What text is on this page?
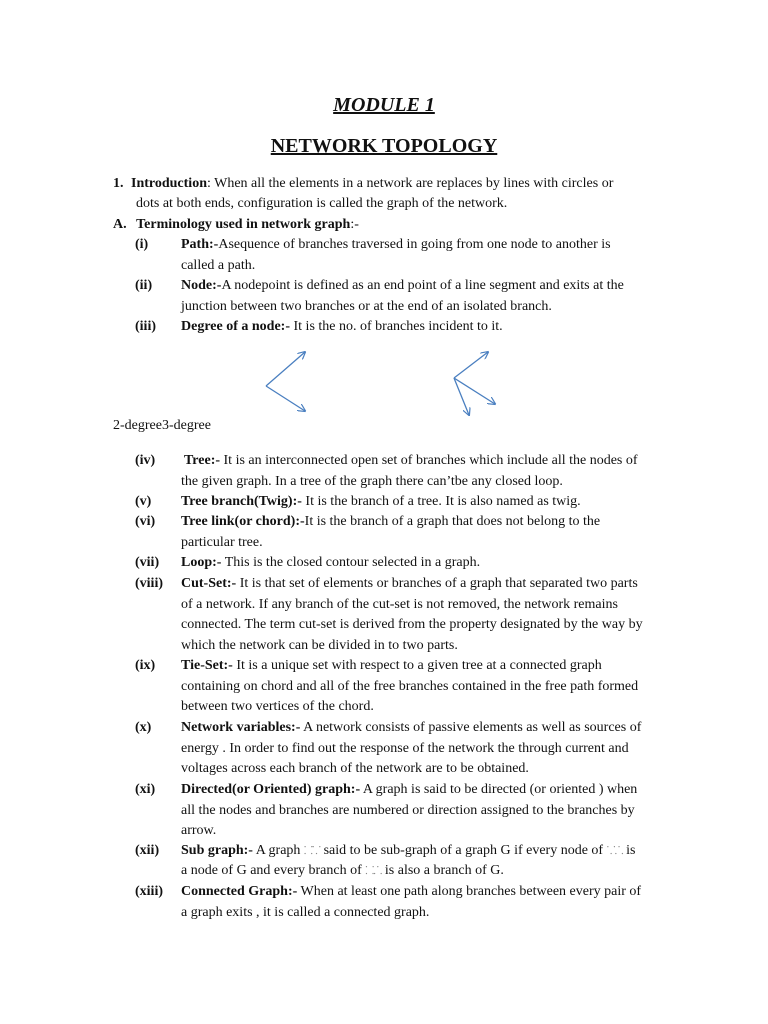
MODULE 1
NETWORK TOPOLOGY
1. Introduction: When all the elements in a network are replaces by lines with circles or
dots at both ends, configuration is called the graph of the network.
A. Terminology used in network graph:-
(i) Path:-Asequence of branches traversed in going from one node to another is
called a path.
(ii) Node:-A nodepoint is defined as an end point of a line segment and exits at the
junction between two branches or at the end of an isolated branch.
(iii) Degree of a node:- It is the no. of branches incident to it.
2-degree3-degree
(iv) Tree:- It is an interconnected open set of branches which include all the nodes of
the given graph. In a tree of the graph there can’tbe any closed loop.
(v) Tree branch(Twig):- It is the branch of a tree. It is also named as twig.
(vi) Tree link(or chord):-It is the branch of a graph that does not belong to the
particular tree.
(vii) Loop:- This is the closed contour selected in a graph.
(viii) Cut-Set:- It is that set of elements or branches of a graph that separated two parts
of a network. If any branch of the cut-set is not removed, the network remains
connected. The term cut-set is derived from the property designated by the way by
which the network can be divided in to two parts.
(ix) Tie-Set:- It is a unique set with respect to a given tree at a connected graph
containing on chord and all of the free branches contained in the free path formed
between two vertices of the chord.
(x) Network variables:- A network consists of passive elements as well as sources of
energy . In order to find out the response of the network the through current and
voltages across each branch of the network are to be obtained.
(xi) Directed(or Oriented) graph:- A graph is said to be directed (or oriented ) when
all the nodes and branches are numbered or direction assigned to the branches by
arrow.
(xii) Sub graph:- A graph ⸬⸪ said to be sub-graph of a graph G if every node of ⸪⸫ is
a node of G and every branch of ⸬⸫ is also a branch of G.
(xiii) Connected Graph:- When at least one path along branches between every pair of
a graph exits , it is called a connected graph.
